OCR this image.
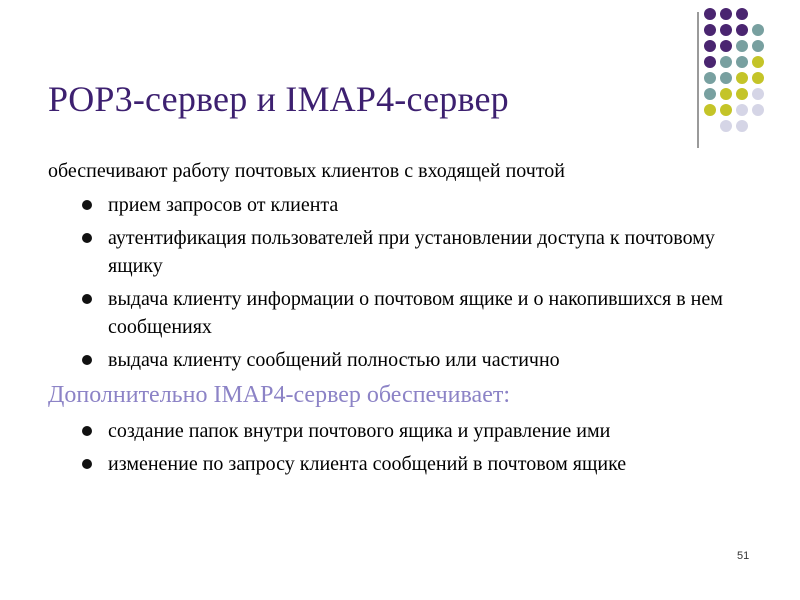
POP3-сервер и IMAP4-сервер

обеспечивают работу почтовых клиентов с входящей почтой

прием запросов от клиента
аутентификация пользователей при установлении доступа к почтовому ящику
выдача клиенту информации о почтовом ящике и о накопившихся в нем сообщениях
выдача клиенту сообщений полностью или частично
Дополнительно IMAP4-сервер обеспечивает:
создание папок внутри почтового ящика и управление ими
изменение по запросу клиента сообщений в почтовом ящике
51
